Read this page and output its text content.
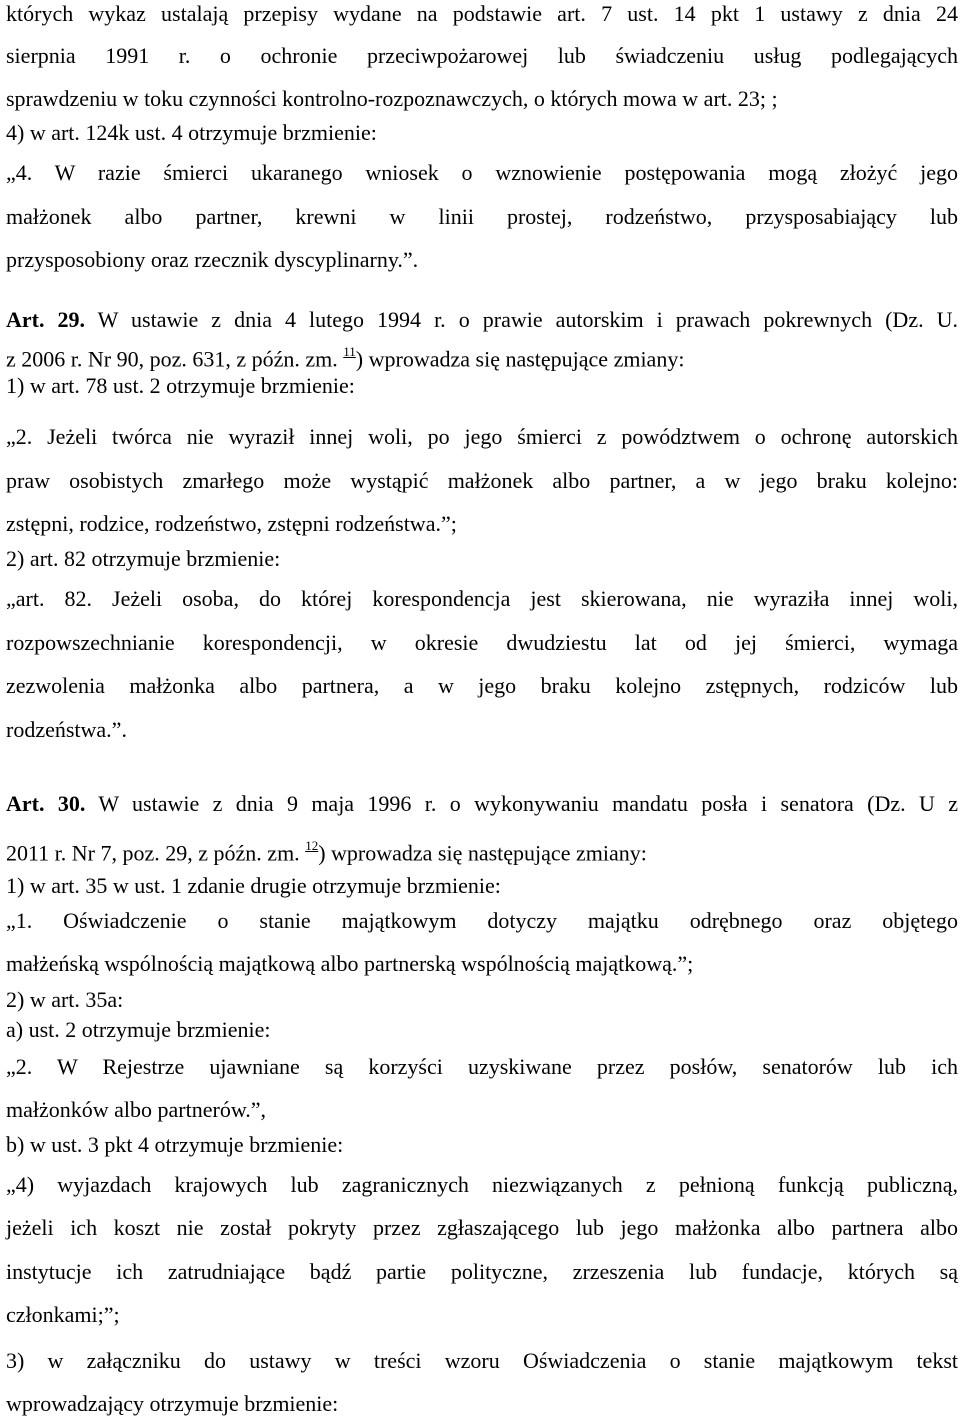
których wykaz ustalają przepisy wydane na podstawie art. 7 ust. 14 pkt 1 ustawy z dnia 24
sierpnia 1991 r. o ochronie przeciwpożarowej lub świadczeniu usług podlegających
sprawdzeniu w toku czynności kontrolno-rozpoznawczych, o których mowa w art. 23; ;
4) w art. 124k ust. 4 otrzymuje brzmienie:
„4. W razie śmierci ukaranego wniosek o wznowienie postępowania mogą złożyć jego
małżonek albo partner, krewni w linii prostej, rodzeństwo, przysposabiający lub
przysposobiony oraz rzecznik dyscyplinarny.”.
Art. 29. W ustawie z dnia 4 lutego 1994 r. o prawie autorskim i prawach pokrewnych (Dz. U.
z 2006 r. Nr 90, poz. 631, z późn. zm. $^{11}$) wprowadza się następujące zmiany:
1) w art. 78 ust. 2 otrzymuje brzmienie:
„2. Jeżeli twórca nie wyraził innej woli, po jego śmierci z powództwem o ochronę autorskich
praw osobistych zmarłego może wystąpić małżonek albo partner, a w jego braku kolejno:
zstępni, rodzice, rodzeństwo, zstępni rodzeństwa.”;
2) art. 82 otrzymuje brzmienie:
„art. 82. Jeżeli osoba, do której korespondencja jest skierowana, nie wyraziła innej woli,
rozpowszechnianie korespondencji, w okresie dwudziestu lat od jej śmierci, wymaga
zezwolenia małżonka albo partnera, a w jego braku kolejno zstępnych, rodziców lub
rodzeństwa.”.
Art. 30. W ustawie z dnia 9 maja 1996 r. o wykonywaniu mandatu posła i senatora (Dz. U z
2011 r. Nr 7, poz. 29, z późn. zm. $^{12}$) wprowadza się następujące zmiany:
1) w art. 35 w ust. 1 zdanie drugie otrzymuje brzmienie:
„1. Oświadczenie o stanie majątkowym dotyczy majątku odrębnego oraz objętego
małżeńską wspólnością majątkową albo partnerską wspólnością majątkową.”;
2) w art. 35a:
a) ust. 2 otrzymuje brzmienie:
„2. W Rejestrze ujawniane są korzyści uzyskiwane przez posłów, senatorów lub ich
małżonków albo partnerów.”,
b) w ust. 3 pkt 4 otrzymuje brzmienie:
„4) wyjazdach krajowych lub zagranicznych niezwiązanych z pełnioną funkcją publiczną,
jeżeli ich koszt nie został pokryty przez zgłaszającego lub jego małżonka albo partnera albo
instytucje ich zatrudniające bądź partie polityczne, zrzeszenia lub fundacje, których są
członkami;”;
3) w załączniku do ustawy w treści wzoru Oświadczenia o stanie majątkowym tekst
wprowadzający otrzymuje brzmienie:
